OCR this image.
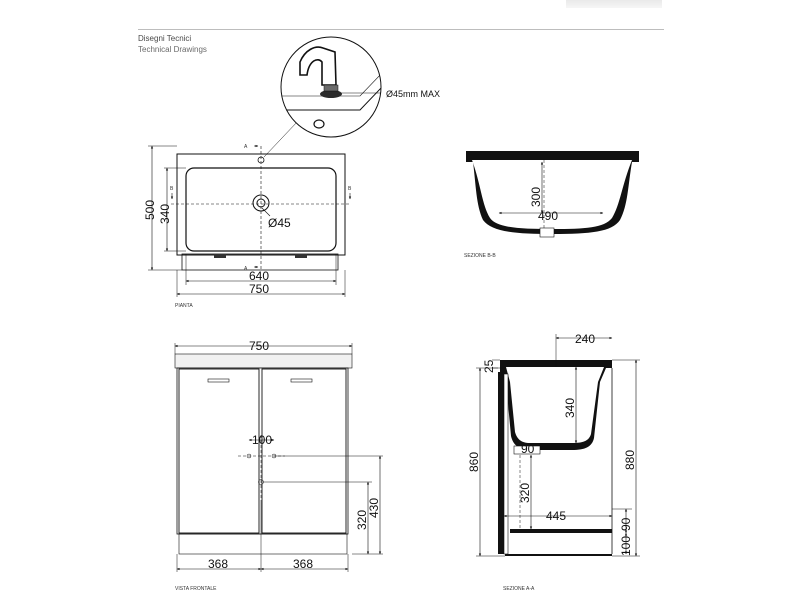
Disegni Tecnici
Technical Drawings
Ø45
A
A
B	B
640
750
500 340
PIANTA
Ø45mm MAX
300
490
SEZIONE B-B
750
100
320
430
368	368
VISTA FRONTALE
240
25
340
90
320
445
90
100
860	880
SEZIONE A-A
